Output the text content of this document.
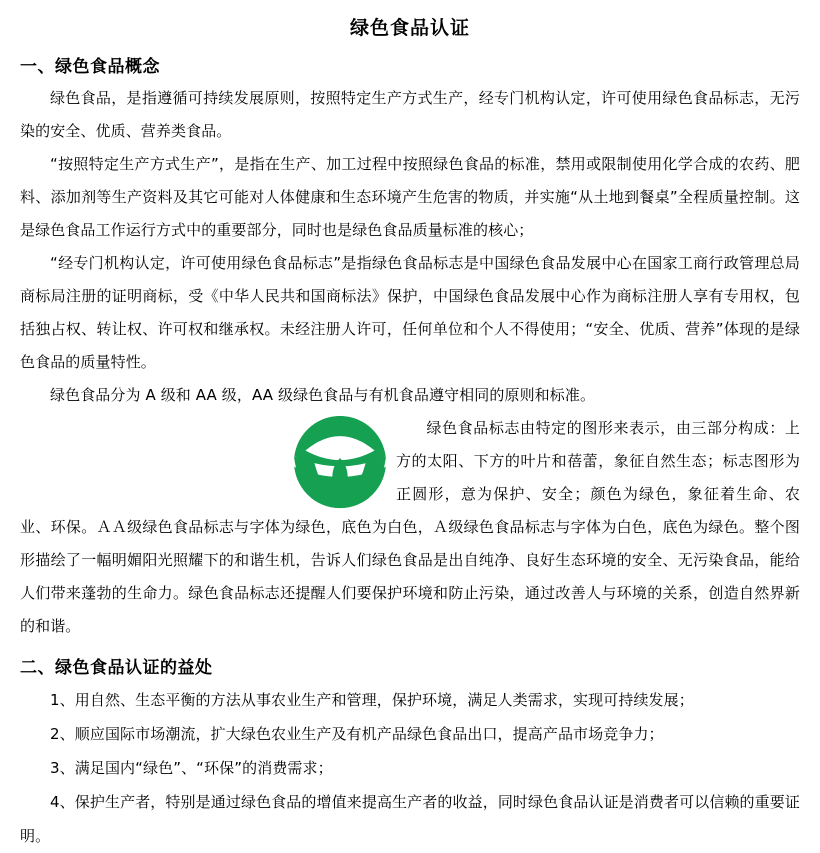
绿色食品认证
一、绿色食品概念

绿色食品，是指遵循可持续发展原则，按照特定生产方式生产，经专门机构认定，许可使用绿色食品标志，无污染的安全、优质、营养类食品。

“按照特定生产方式生产”，是指在生产、加工过程中按照绿色食品的标准，禁用或限制使用化学合成的农药、肥料、添加剂等生产资料及其它可能对人体健康和生态环境产生危害的物质，并实施“从土地到餐桌”全程质量控制。这是绿色食品工作运行方式中的重要部分，同时也是绿色食品质量标准的核心；

“经专门机构认定，许可使用绿色食品标志”是指绿色食品标志是中国绿色食品发展中心在国家工商行政管理总局商标局注册的证明商标，受《中华人民共和国商标法》保护，中国绿色食品发展中心作为商标注册人享有专用权，包括独占权、转让权、许可权和继承权。未经注册人许可，任何单位和个人不得使用；“安全、优质、营养”体现的是绿色食品的质量特性。

绿色食品分为 A 级和 AA 级，AA 级绿色食品与有机食品遵守相同的原则和标准。

绿色食品标志由特定的图形来表示，由三部分构成：上方的太阳、下方的叶片和蓓蕾，象征自然生态；标志图形为正圆形，意为保护、安全；颜色为绿色，象征着生命、农业、环保。ＡＡ级绿色食品标志与字体为绿色，底色为白色，Ａ级绿色食品标志与字体为白色，底色为绿色。整个图形描绘了一幅明媚阳光照耀下的和谐生机，告诉人们绿色食品是出自纯净、良好生态环境的安全、无污染食品，能给人们带来蓬勃的生命力。绿色食品标志还提醒人们要保护环境和防止污染，通过改善人与环境的关系，创造自然界新的和谐。
二、绿色食品认证的益处

1、用自然、生态平衡的方法从事农业生产和管理，保护环境，满足人类需求，实现可持续发展；

2、顺应国际市场潮流，扩大绿色农业生产及有机产品绿色食品出口，提高产品市场竞争力；

3、满足国内“绿色”、“环保”的消费需求；

4、保护生产者，特别是通过绿色食品的增值来提高生产者的收益，同时绿色食品认证是消费者可以信赖的重要证明。
